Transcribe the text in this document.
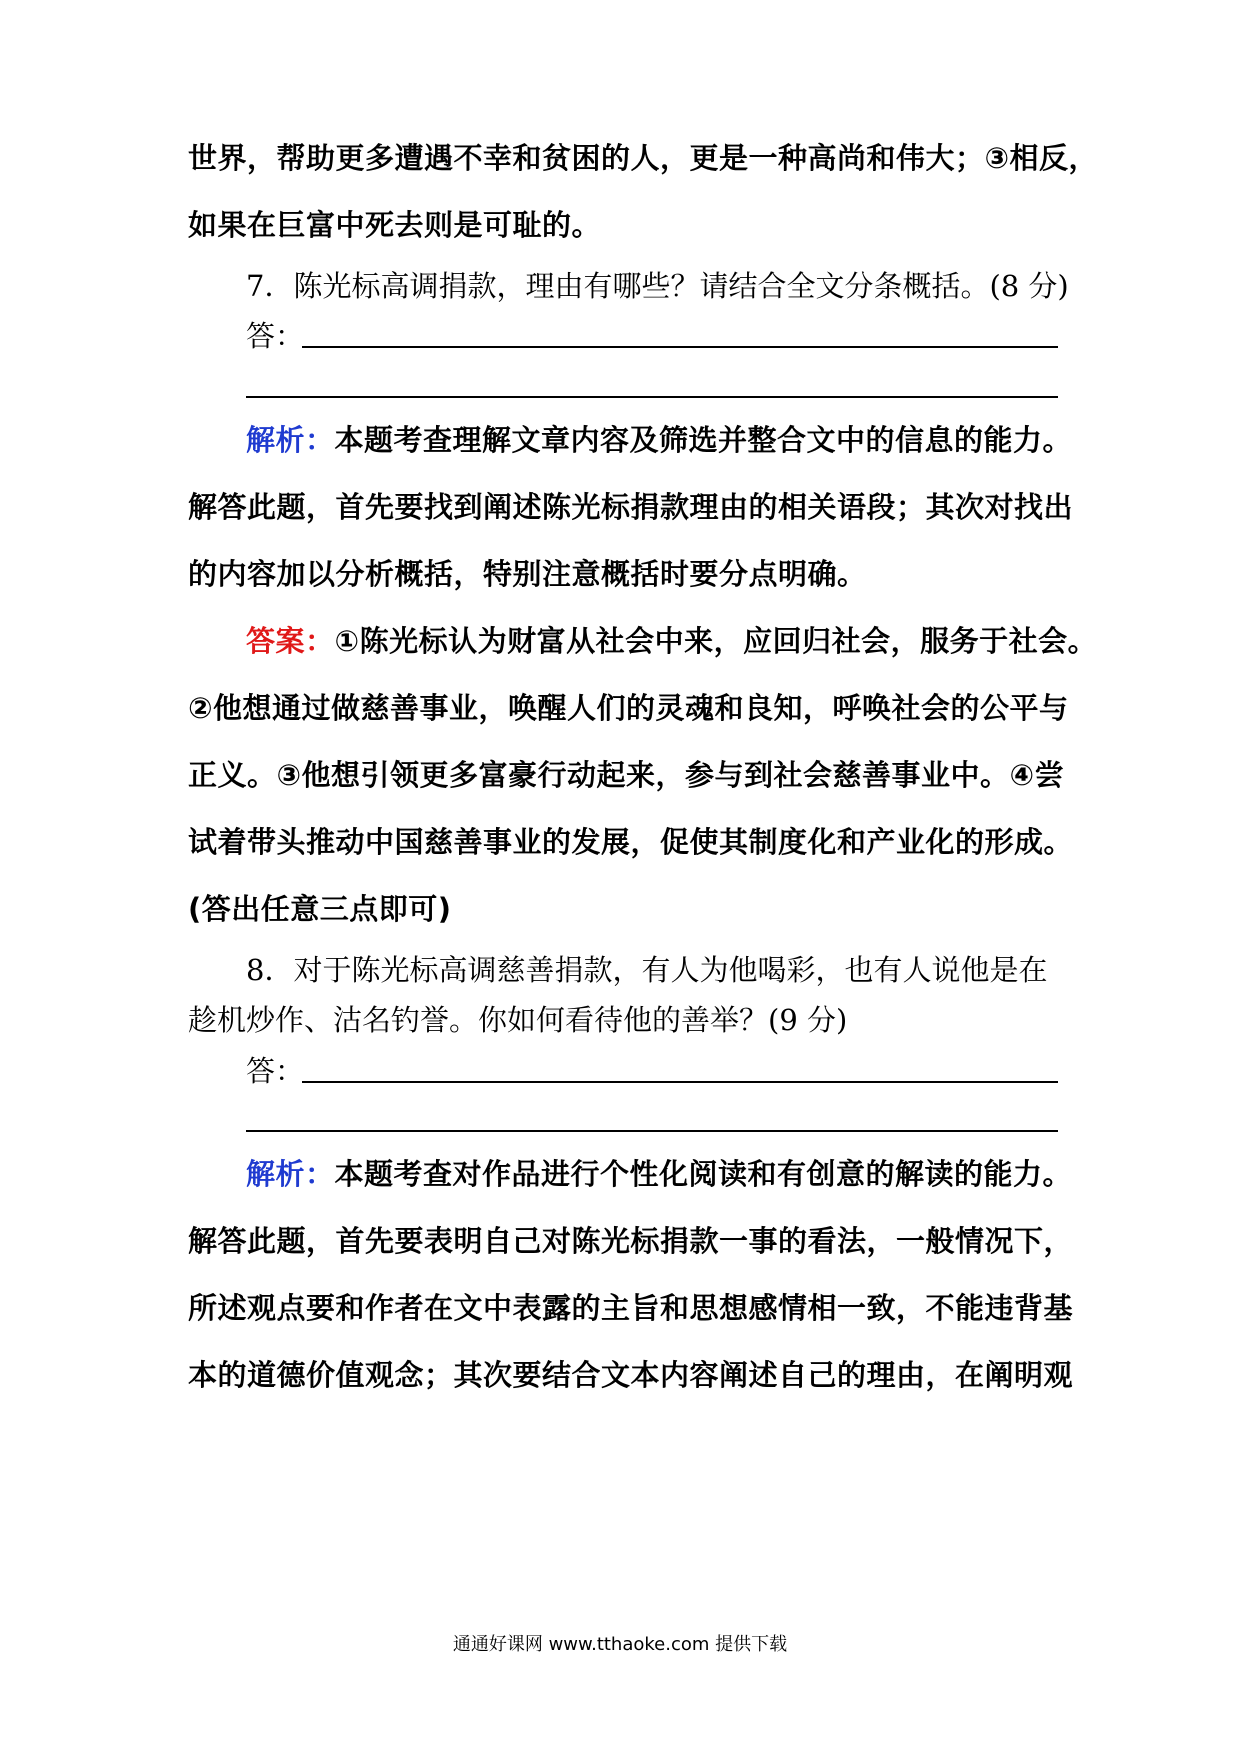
世界，帮助更多遭遇不幸和贫困的人，更是一种高尚和伟大；③相反，
如果在巨富中死去则是可耻的。
7．陈光标高调捐款，理由有哪些？请结合全文分条概括。(8 分)
答：
解析：本题考查理解文章内容及筛选并整合文中的信息的能力。
解答此题，首先要找到阐述陈光标捐款理由的相关语段；其次对找出
的内容加以分析概括，特别注意概括时要分点明确。
答案：①陈光标认为财富从社会中来，应回归社会，服务于社会。
②他想通过做慈善事业，唤醒人们的灵魂和良知，呼唤社会的公平与
正义。③他想引领更多富豪行动起来，参与到社会慈善事业中。④尝
试着带头推动中国慈善事业的发展，促使其制度化和产业化的形成。
(答出任意三点即可)
8．对于陈光标高调慈善捐款，有人为他喝彩，也有人说他是在
趁机炒作、沽名钓誉。你如何看待他的善举？(9 分)
答：
解析：本题考查对作品进行个性化阅读和有创意的解读的能力。
解答此题，首先要表明自己对陈光标捐款一事的看法，一般情况下，
所述观点要和作者在文中表露的主旨和思想感情相一致，不能违背基
本的道德价值观念；其次要结合文本内容阐述自己的理由，在阐明观
通通好课网 www.tthaoke.com 提供下载
